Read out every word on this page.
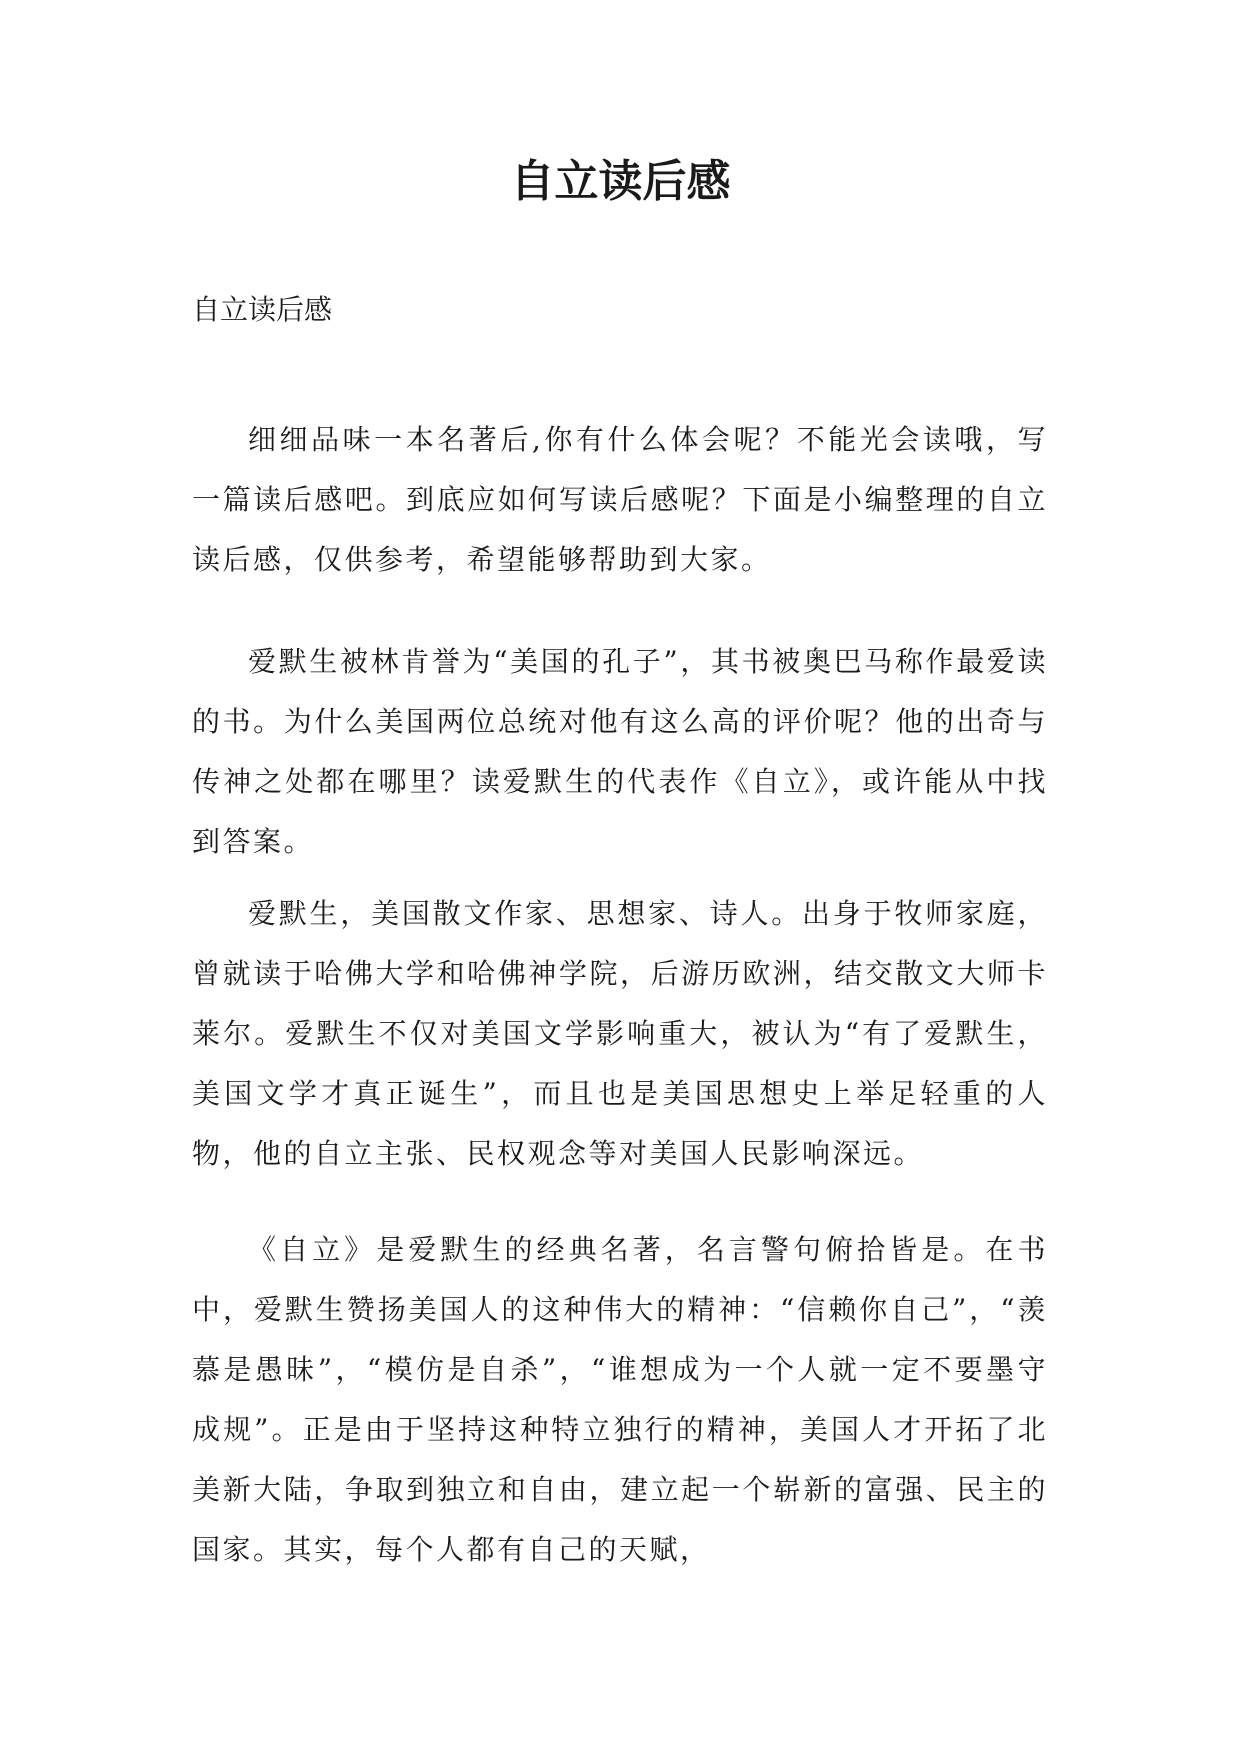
自立读后感

自立读后感

细细品味一本名著后,你有什么体会呢？不能光会读哦，写一篇读后感吧。到底应如何写读后感呢？下面是小编整理的自立读后感，仅供参考，希望能够帮助到大家。

爱默生被林肯誉为“美国的孔子”，其书被奥巴马称作最爱读的书。为什么美国两位总统对他有这么高的评价呢？他的出奇与传神之处都在哪里？读爱默生的代表作《自立》，或许能从中找到答案。

爱默生，美国散文作家、思想家、诗人。出身于牧师家庭，曾就读于哈佛大学和哈佛神学院，后游历欧洲，结交散文大师卡莱尔。爱默生不仅对美国文学影响重大，被认为“有了爱默生，美国文学才真正诞生”，而且也是美国思想史上举足轻重的人物，他的自立主张、民权观念等对美国人民影响深远。

《自立》是爱默生的经典名著，名言警句俯拾皆是。在书中，爱默生赞扬美国人的这种伟大的精神：“信赖你自己”，“羡慕是愚昧”，“模仿是自杀”，“谁想成为一个人就一定不要墨守成规”。正是由于坚持这种特立独行的精神，美国人才开拓了北美新大陆，争取到独立和自由，建立起一个崭新的富强、民主的国家。其实，每个人都有自己的天赋，
